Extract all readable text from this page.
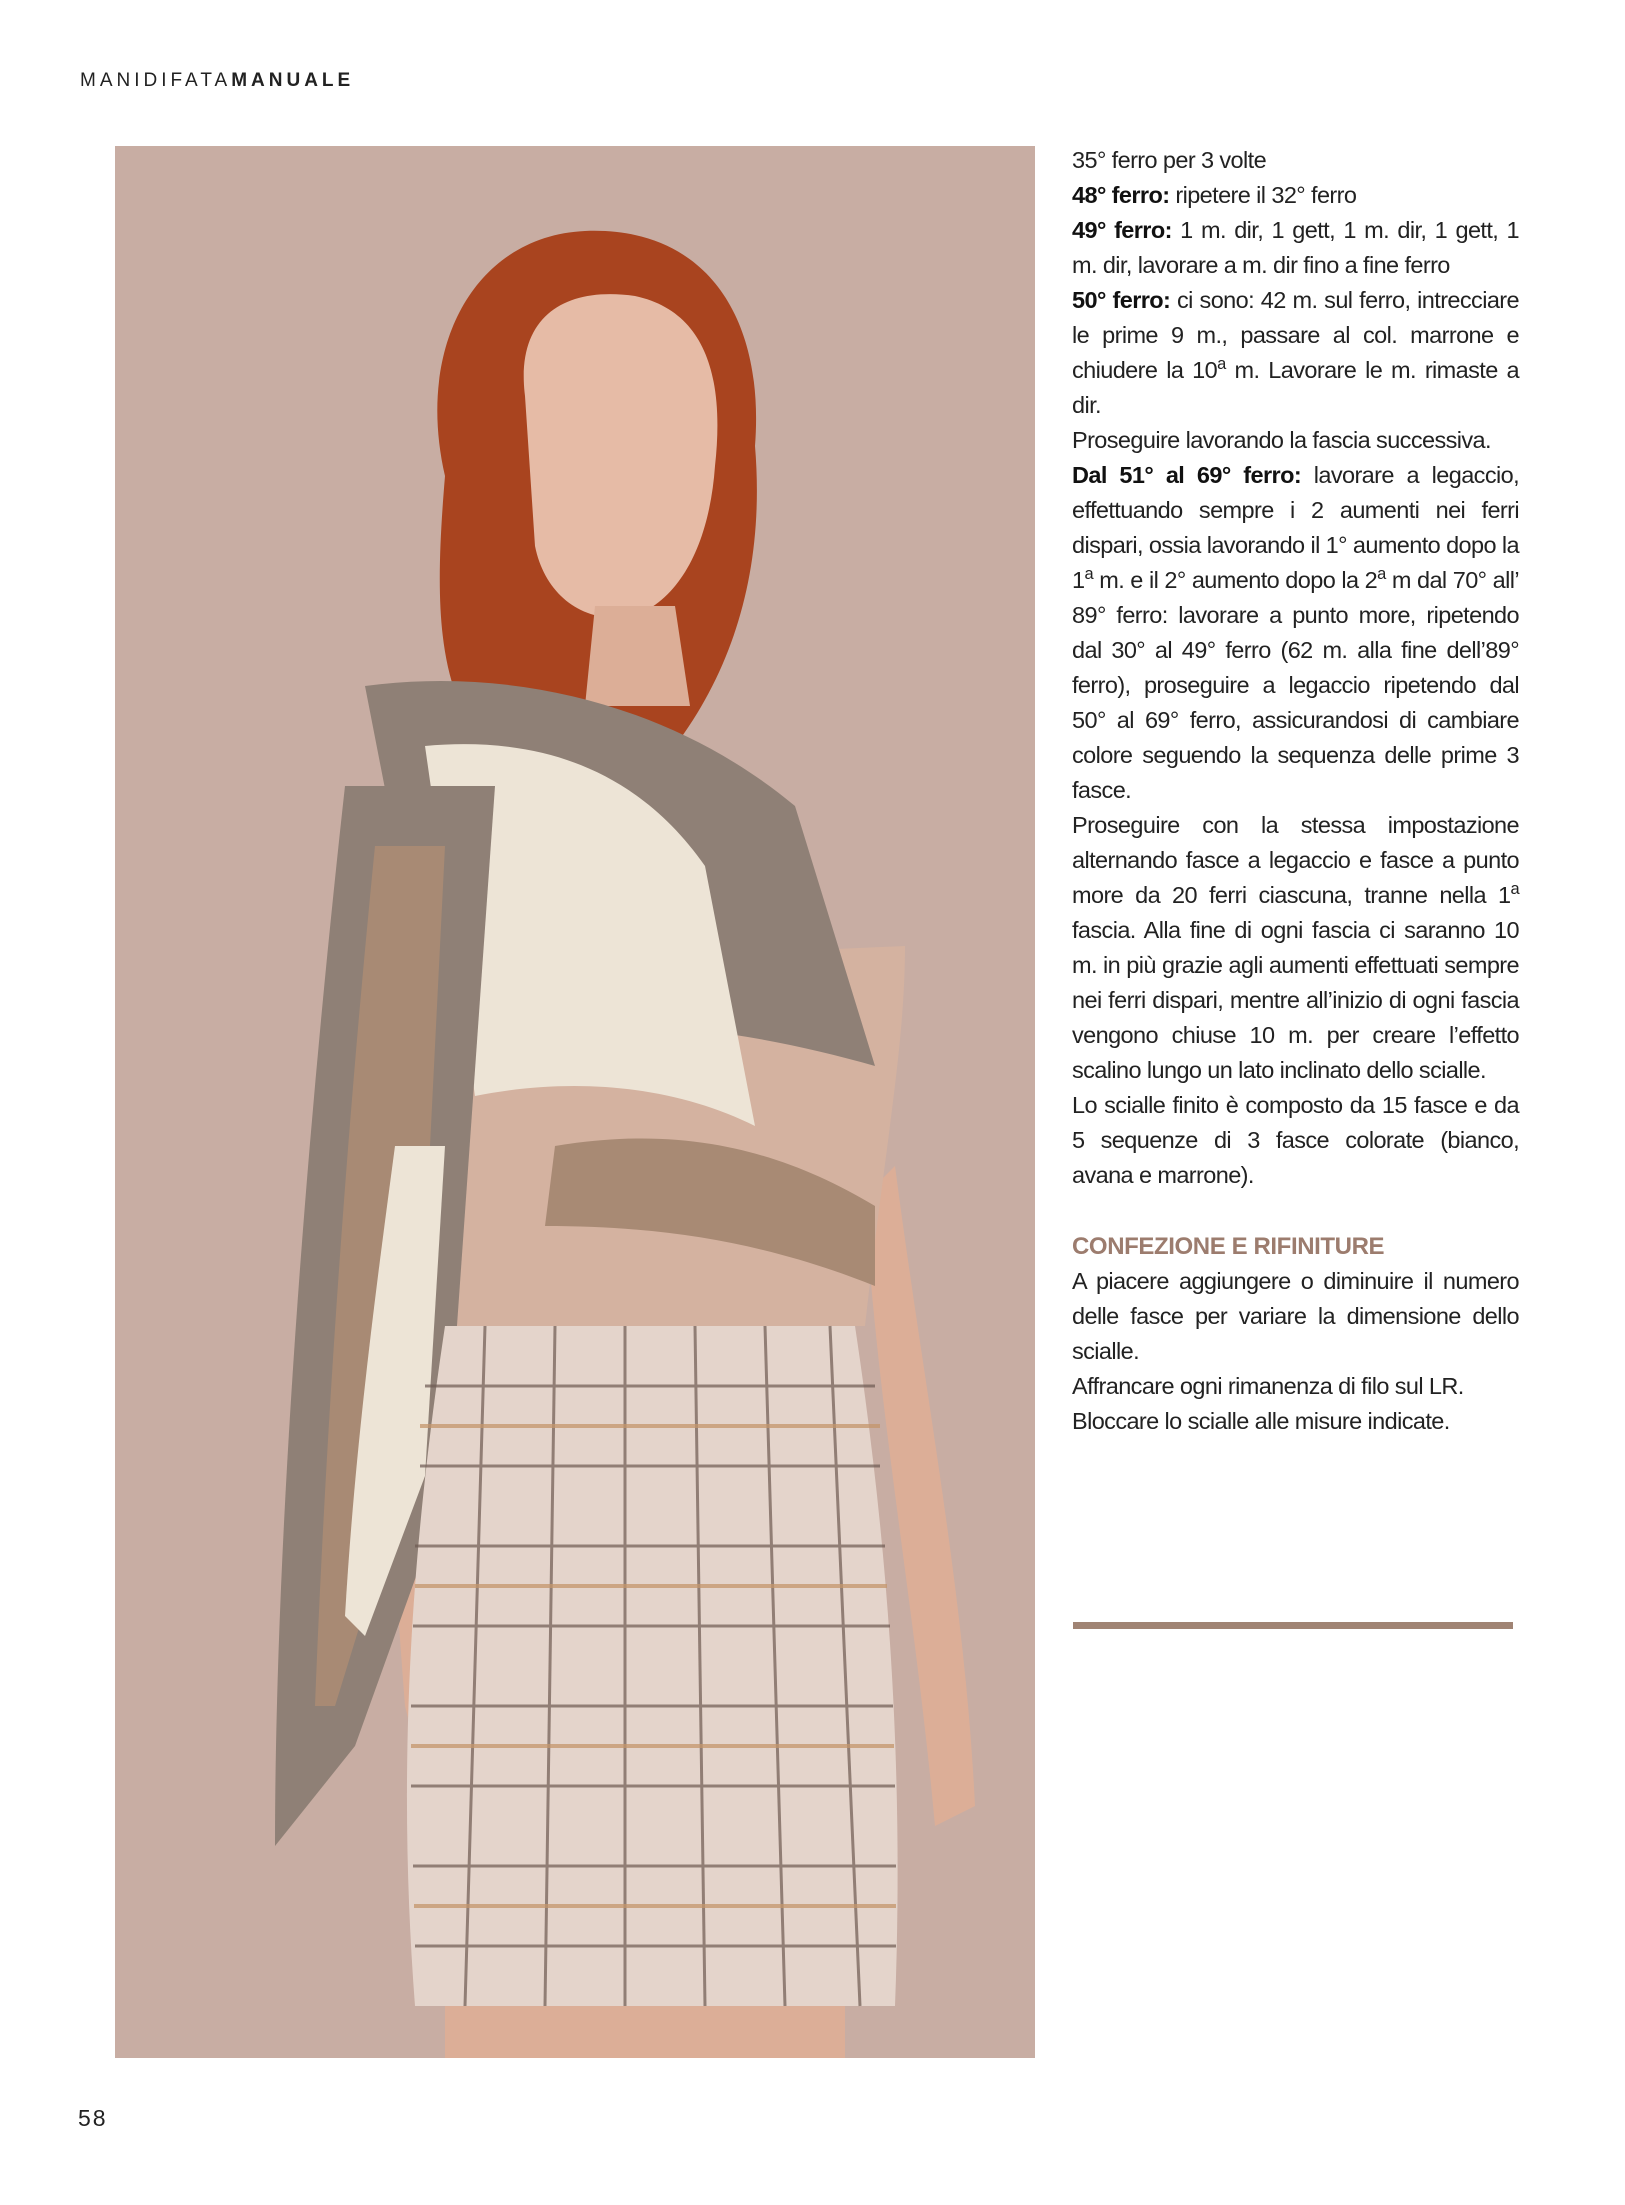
MANIDIFATAMANUALE

35° ferro per 3 volte

48° ferro: ripetere il 32° ferro

49° ferro: 1 m. dir, 1 gett, 1 m. dir, 1 gett, 1 m. dir, lavorare a m. dir fino a fine ferro

50° ferro: ci sono: 42 m. sul ferro, intrecciare le prime 9 m., passare al col. marrone e chiudere la 10$^a$ m. Lavorare le m. rimaste a dir.

Proseguire lavorando la fascia successiva.

Dal 51° al 69° ferro: lavorare a legaccio, effettuando sempre i 2 aumenti nei ferri dispari, ossia lavorando il 1° aumento dopo la 1$^a$ m. e il 2° aumento dopo la 2$^a$ m dal 70° all’ 89° ferro: lavorare a punto more, ripetendo dal 30° al 49° ferro (62 m. alla fine dell’89° ferro), proseguire a legaccio ripetendo dal 50° al 69° ferro, assicurandosi di cambiare colore seguendo la sequenza delle prime 3 fasce.

Proseguire con la stessa impostazione alternando fasce a legaccio e fasce a punto more da 20 ferri ciascuna, tranne nella 1$^a$ fascia. Alla fine di ogni fascia ci saranno 10 m. in più grazie agli aumenti effettuati sempre nei ferri dispari, mentre all’inizio di ogni fascia vengono chiuse 10 m. per creare l’effetto scalino lungo un lato inclinato dello scialle.

Lo scialle finito è composto da 15 fasce e da 5 sequenze di 3 fasce colorate (bianco, avana e marrone).

CONFEZIONE E RIFINITURE

A piacere aggiungere o diminuire il numero delle fasce per variare la dimensione dello scialle.

Affrancare ogni rimanenza di filo sul LR.

Bloccare lo scialle alle misure indicate.

58
